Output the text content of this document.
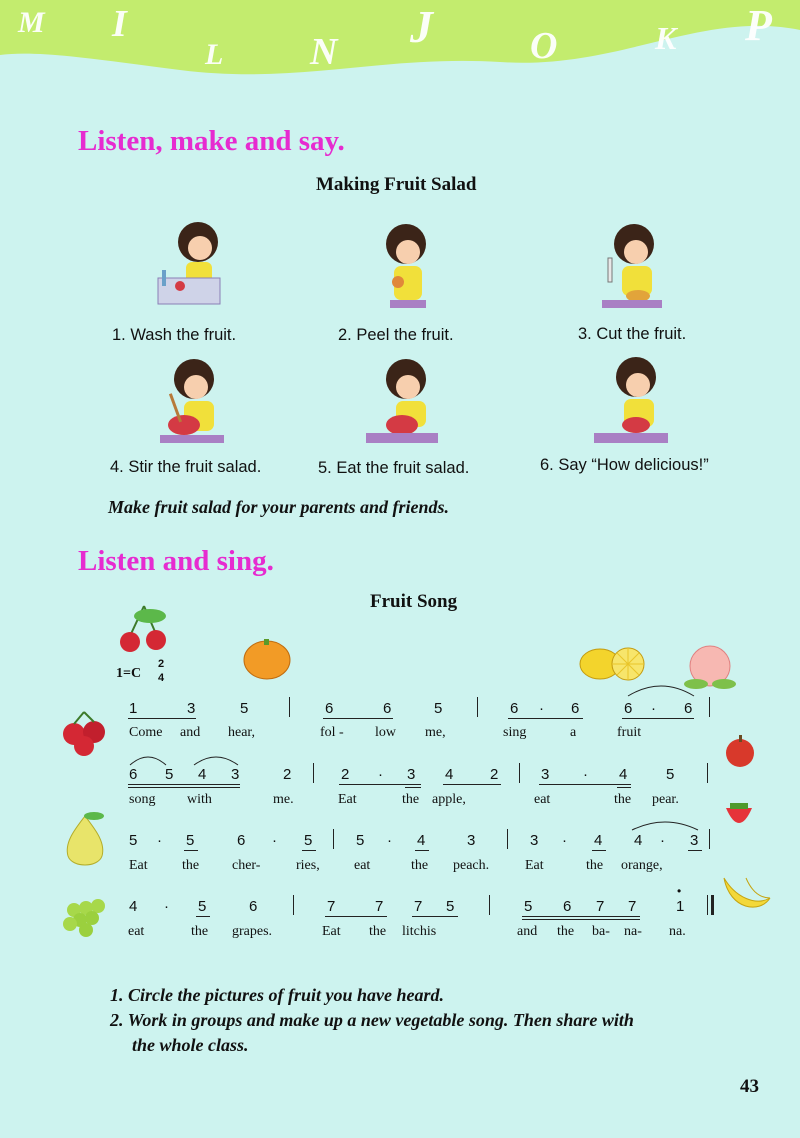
M I
L N J	O	K P
Listen, make and say.
Making Fruit Salad

1. Wash the fruit.	2. Peel the fruit.	3. Cut the fruit.

4. Stir the fruit salad.	5. Eat the fruit salad.	6. Say “How delicious!”

Make fruit salad for your parents and friends.

Listen and sing.
Fruit Song
1=C
2
4
1	3	5	6	6	5	6 · 6	6 · 6
Come and hear,	fol - low me,	sing	a	fruit
6 5 4 3	2	2 · 3 4 2	3 · 4	5
song with	me.	Eat	the apple,	eat	the pear.
5 · 5	6 · 5	5 · 4	3	3 · 4 4 · 3
Eat the cher-	ries, eat	the peach.	Eat	the orange,
4 · 5	6	7	7 7 5	5 6 7 7	1
•
eat	the grapes.	Eat the litchis	and the ba- na- na.

1. Circle the pictures of fruit you have heard.

2. Work in groups and make up a new vegetable song. Then share with

the whole class.

43
